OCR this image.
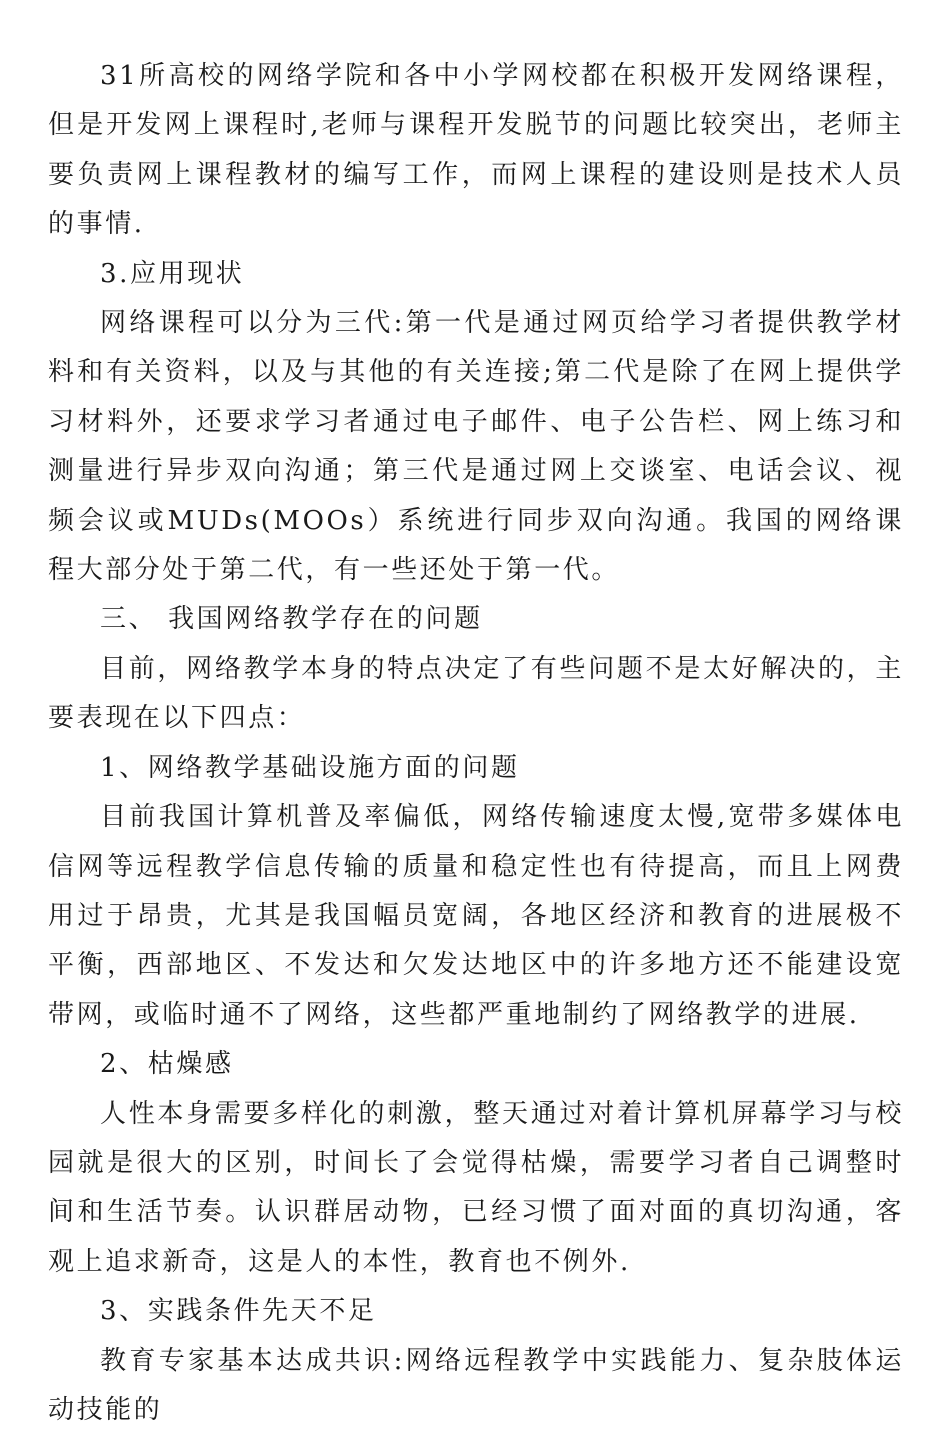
31所高校的网络学院和各中小学网校都在积极开发网络课程，但是开发网上课程时,老师与课程开发脱节的问题比较突出，老师主要负责网上课程教材的编写工作，而网上课程的建设则是技术人员的事情.

3.应用现状

网络课程可以分为三代:第一代是通过网页给学习者提供教学材料和有关资料，以及与其他的有关连接;第二代是除了在网上提供学习材料外，还要求学习者通过电子邮件、电子公告栏、网上练习和测量进行异步双向沟通；第三代是通过网上交谈室、电话会议、视频会议或MUDs(MOOs）系统进行同步双向沟通。我国的网络课程大部分处于第二代，有一些还处于第一代。

三、 我国网络教学存在的问题

目前，网络教学本身的特点决定了有些问题不是太好解决的，主要表现在以下四点：

1、网络教学基础设施方面的问题

目前我国计算机普及率偏低，网络传输速度太慢,宽带多媒体电信网等远程教学信息传输的质量和稳定性也有待提高，而且上网费用过于昂贵，尤其是我国幅员宽阔，各地区经济和教育的进展极不平衡，西部地区、不发达和欠发达地区中的许多地方还不能建设宽带网，或临时通不了网络，这些都严重地制约了网络教学的进展.

2、枯燥感

人性本身需要多样化的刺激，整天通过对着计算机屏幕学习与校园就是很大的区别，时间长了会觉得枯燥，需要学习者自己调整时间和生活节奏。认识群居动物，已经习惯了面对面的真切沟通，客观上追求新奇，这是人的本性，教育也不例外.

3、实践条件先天不足

教育专家基本达成共识:网络远程教学中实践能力、复杂肢体运动技能的
